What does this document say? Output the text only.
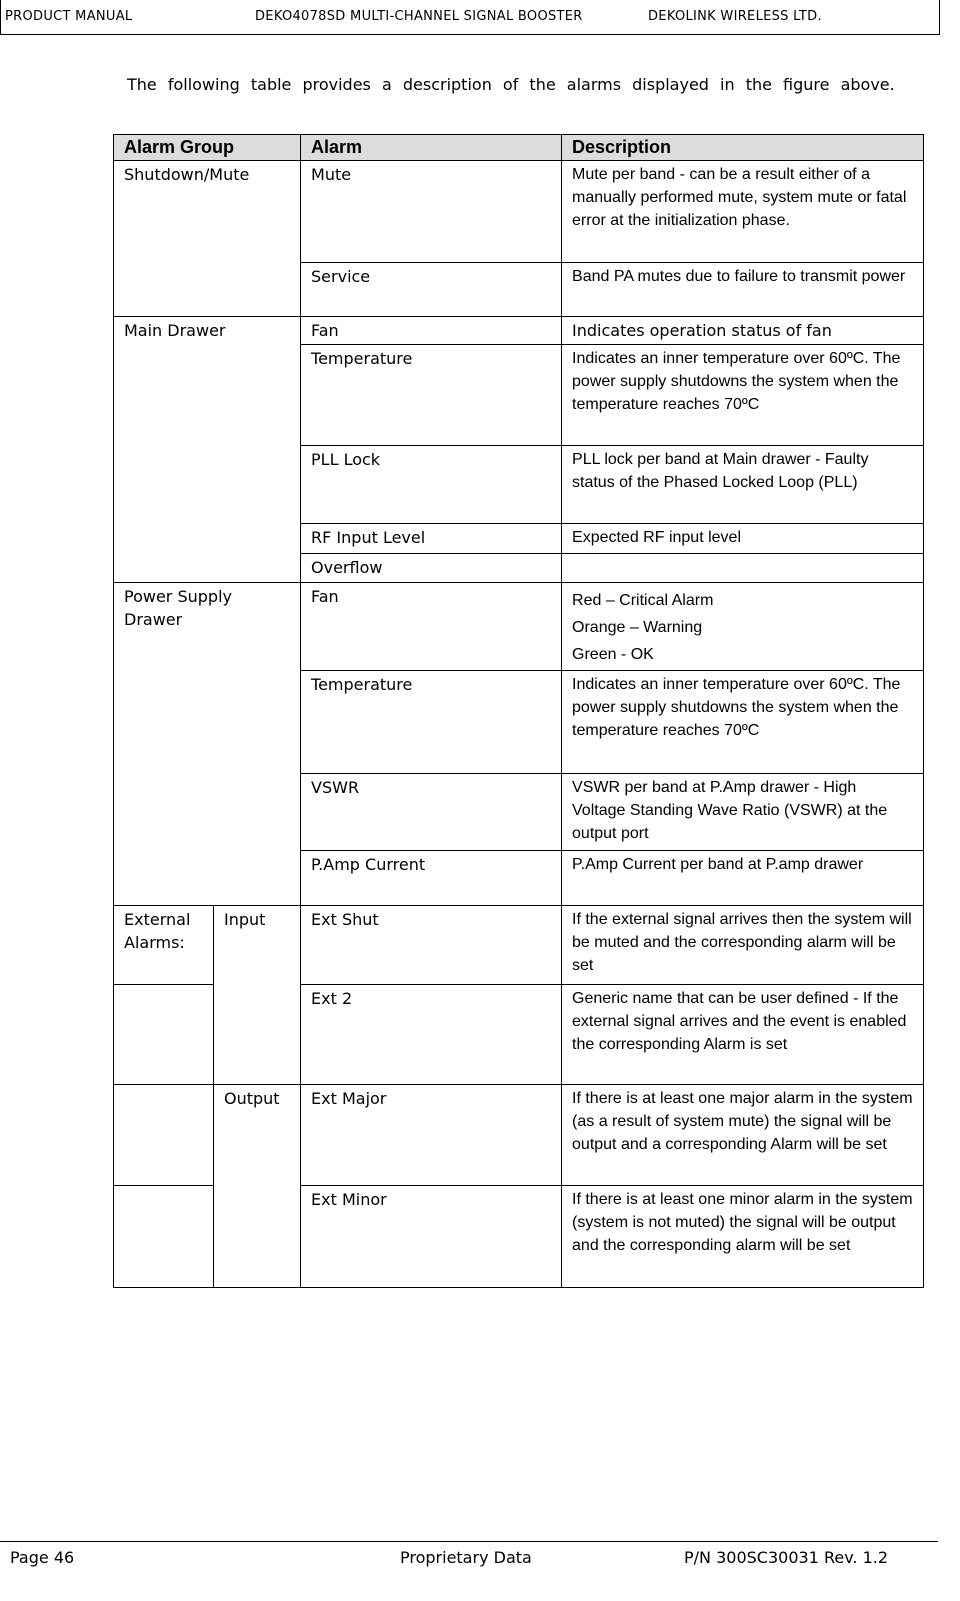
PRODUCT MANUAL	DEKO4078SD MULTI-CHANNEL SIGNAL BOOSTER	DEKOLINK WIRELESS LTD.
The following table provides a description of the alarms displayed in the figure above.
Alarm Group		Alarm	Description
Shutdown/Mute		Mute	Mute per band - can be a result either of a manually performed mute, system mute or fatal error at the initialization phase.
		Service	Band PA mutes due to failure to transmit power
Main Drawer		Fan	Indicates operation status of fan
		Temperature	Indicates an inner temperature over 60ºC. The power supply shutdowns the system when the temperature reaches 70ºC
		PLL Lock	PLL lock per band at Main drawer - Faulty status of the Phased Locked Loop (PLL)
		RF Input Level	Expected RF input level
		Overflow	
Power Supply Drawer		Fan	Red – Critical Alarm
Orange – Warning
Green - OK

		Temperature	Indicates an inner temperature over 60ºC. The power supply shutdowns the system when the temperature reaches 70ºC
		VSWR	VSWR per band at P.Amp drawer - High Voltage Standing Wave Ratio (VSWR) at the output port
		P.Amp Current	P.Amp Current per band at P.amp drawer
External Alarms:	Input	Ext Shut	If the external signal arrives then the system will be muted and the corresponding alarm will be set
		Ext 2	Generic name that can be user defined - If the external signal arrives and the event is enabled the corresponding Alarm is set
	Output	Ext Major	If there is at least one major alarm in the system (as a result of system mute) the signal will be output and a corresponding Alarm will be set
		Ext Minor	If there is at least one minor alarm in the system (system is not muted) the signal will be output and the corresponding alarm will be set
Page 46	Proprietary Data	P/N 300SC30031 Rev. 1.2
